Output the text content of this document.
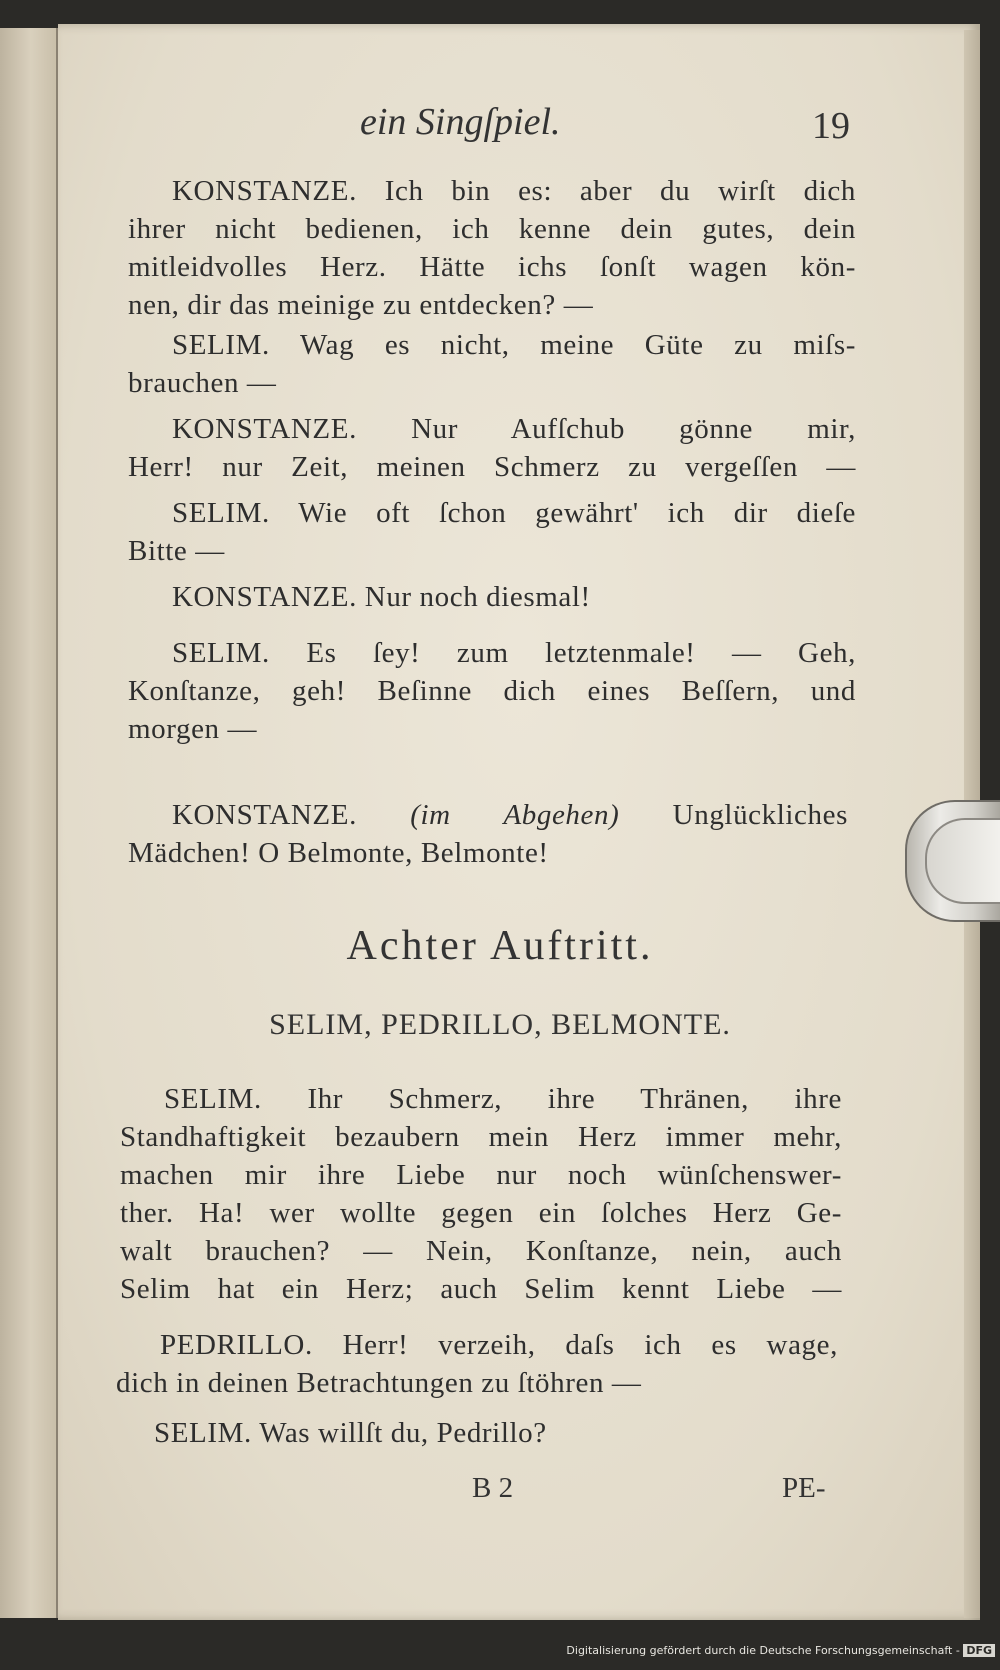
ein Singſpiel.	19
KONSTANZE. Ich bin es: aber du wirſt dich
ihrer nicht bedienen, ich kenne dein gutes, dein
mitleidvolles Herz. Hätte ichs ſonſt wagen kön-
nen, dir das meinige zu entdecken? —
SELIM. Wag es nicht, meine Güte zu miſs-
brauchen —
KONSTANZE. Nur Aufſchub gönne mir,
Herr! nur Zeit, meinen Schmerz zu vergeſſen —
SELIM. Wie oft ſchon gewährt' ich dir dieſe
Bitte —
KONSTANZE. Nur noch diesmal!
SELIM. Es ſey! zum letztenmale! — Geh,
Konſtanze, geh! Beſinne dich eines Beſſern, und
morgen —
KONSTANZE. (im Abgehen) Unglückliches
Mädchen! O Belmonte, Belmonte!
Achter Auftritt.
SELIM, PEDRILLO, BELMONTE.
SELIM. Ihr Schmerz, ihre Thränen, ihre
Standhaftigkeit bezaubern mein Herz immer mehr,
machen mir ihre Liebe nur noch wünſchenswer-
ther. Ha! wer wollte gegen ein ſolches Herz Ge-
walt brauchen? — Nein, Konſtanze, nein, auch
Selim hat ein Herz; auch Selim kennt Liebe —
PEDRILLO. Herr! verzeih, daſs ich es wage,
dich in deinen Betrachtungen zu ſtöhren —
SELIM. Was willſt du, Pedrillo?
B 2	PE-
Digitalisierung gefördert durch die Deutsche Forschungsgemeinschaft - DFG
